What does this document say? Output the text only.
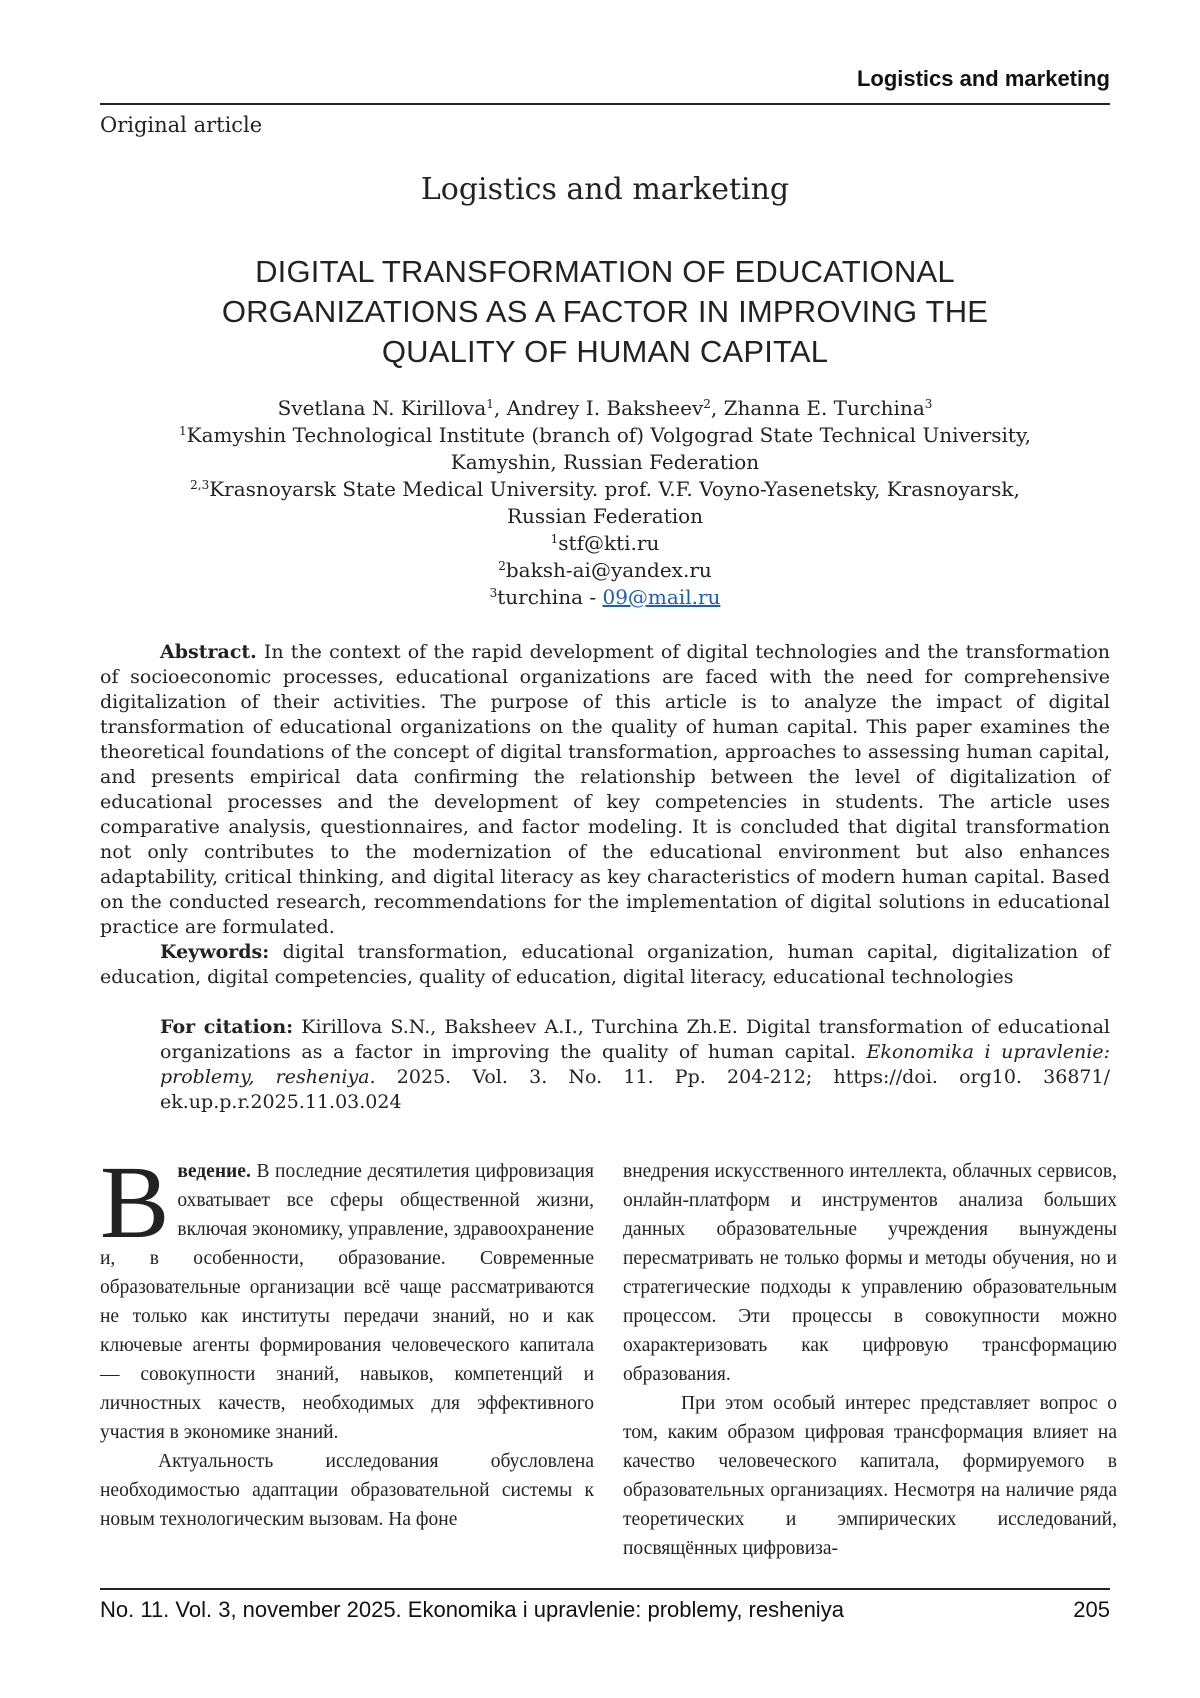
Logistics and marketing
Original article
Logistics and marketing
DIGITAL TRANSFORMATION OF EDUCATIONAL
ORGANIZATIONS AS A FACTOR IN IMPROVING THE
QUALITY OF HUMAN CAPITAL
Svetlana N. Kirillova$^1$, Andrey I. Baksheev$^2$, Zhanna E. Turchina$^3$
$^1$Kamyshin Technological Institute (branch of) Volgograd State Technical University,
Kamyshin, Russian Federation
$^{2,3}$Krasnoyarsk State Medical University. prof. V.F. Voyno-Yasenetsky, Krasnoyarsk,
Russian Federation
$^1$stf@kti.ru
$^2$baksh-ai@yandex.ru
$^3$turchina - 09@mail.ru

Abstract. In the context of the rapid development of digital technologies and the transformation of socioeconomic processes, educational organizations are faced with the need for comprehensive digitalization of their activities. The purpose of this article is to analyze the impact of digital transformation of educational organizations on the quality of human capital. This paper examines the theoretical foundations of the concept of digital transformation, approaches to assessing human capital, and presents empirical data confirming the relationship between the level of digitalization of educational processes and the development of key competencies in students. The article uses comparative analysis, questionnaires, and factor modeling. It is concluded that digital transformation not only contributes to the modernization of the educational environment but also enhances adaptability, critical thinking, and digital literacy as key characteristics of modern human capital. Based on the conducted research, recommendations for the implementation of digital solutions in educational practice are formulated.

Keywords: digital transformation, educational organization, human capital, digitalization of education, digital competencies, quality of education, digital literacy, educational technologies

For citation: Kirillova S.N., Baksheev A.I., Turchina Zh.E. Digital transformation of educational organizations as a factor in improving the quality of human capital. Ekonomika i upravlenie: problemy, resheniya. 2025. Vol. 3. No. 11. Pp. 204-212; https://doi. org10. 36871/ ek.up.p.r.2025.11.03.024

Введение. В последние десятилетия цифровизация охватывает все сферы общественной жизни, включая экономику, управление, здравоохранение и, в особенности, образование. Современные образовательные организации всё чаще рассматриваются не только как институты передачи знаний, но и как ключевые агенты формирования человеческого капитала — совокупности знаний, навыков, компетенций и личностных качеств, необходимых для эффективного участия в экономике знаний.

Актуальность исследования обусловлена необходимостью адаптации образовательной системы к новым технологическим вызовам. На фоне

внедрения искусственного интеллекта, облачных сервисов, онлайн-платформ и инструментов анализа больших данных образовательные учреждения вынуждены пересматривать не только формы и методы обучения, но и стратегические подходы к управлению образовательным процессом. Эти процессы в совокупности можно охарактеризовать как цифровую трансформацию образования.

При этом особый интерес представляет вопрос о том, каким образом цифровая трансформация влияет на качество человеческого капитала, формируемого в образовательных организациях. Несмотря на наличие ряда теоретических и эмпирических исследований, посвящённых цифровиза-

No. 11. Vol. 3, november 2025. Ekonomika i upravlenie: problemy, resheniya	205
